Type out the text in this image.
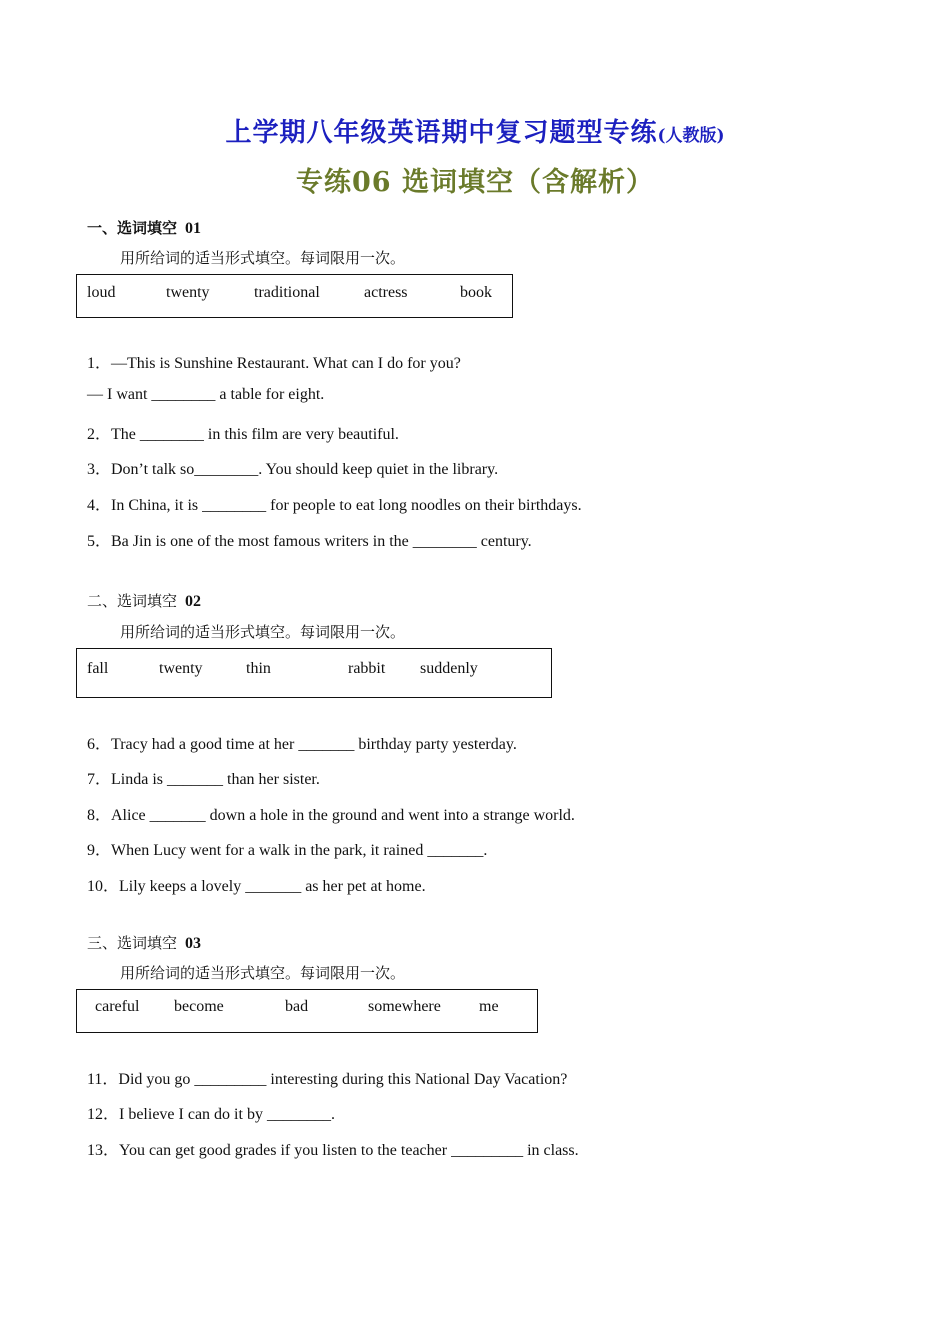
上学期八年级英语期中复习题型专练(人教版)
专练06 选词填空（含解析）
一、选词填空 01
用所给词的适当形式填空。每词限用一次。
loud	twenty	traditional	actress	book
1．—This is Sunshine Restaurant. What can I do for you?
— I want ________ a table for eight.
2．The ________ in this film are very beautiful.
3．Don’t talk so________. You should keep quiet in the library.
4．In China, it is ________ for people to eat long noodles on their birthdays.
5．Ba Jin is one of the most famous writers in the ________ century.
二、选词填空 02
用所给词的适当形式填空。每词限用一次。
fall	twenty	thin	rabbit suddenly
6．Tracy had a good time at her _______ birthday party yesterday.
7．Linda is _______ than her sister.
8．Alice _______ down a hole in the ground and went into a strange world.
9．When Lucy went for a walk in the park, it rained _______.
10．Lily keeps a lovely _______ as her pet at home.
三、选词填空 03
用所给词的适当形式填空。每词限用一次。
careful become	bad	somewhere me
11．Did you go _________ interesting during this National Day Vacation?
12．I believe I can do it by ________.
13．You can get good grades if you listen to the teacher _________ in class.
